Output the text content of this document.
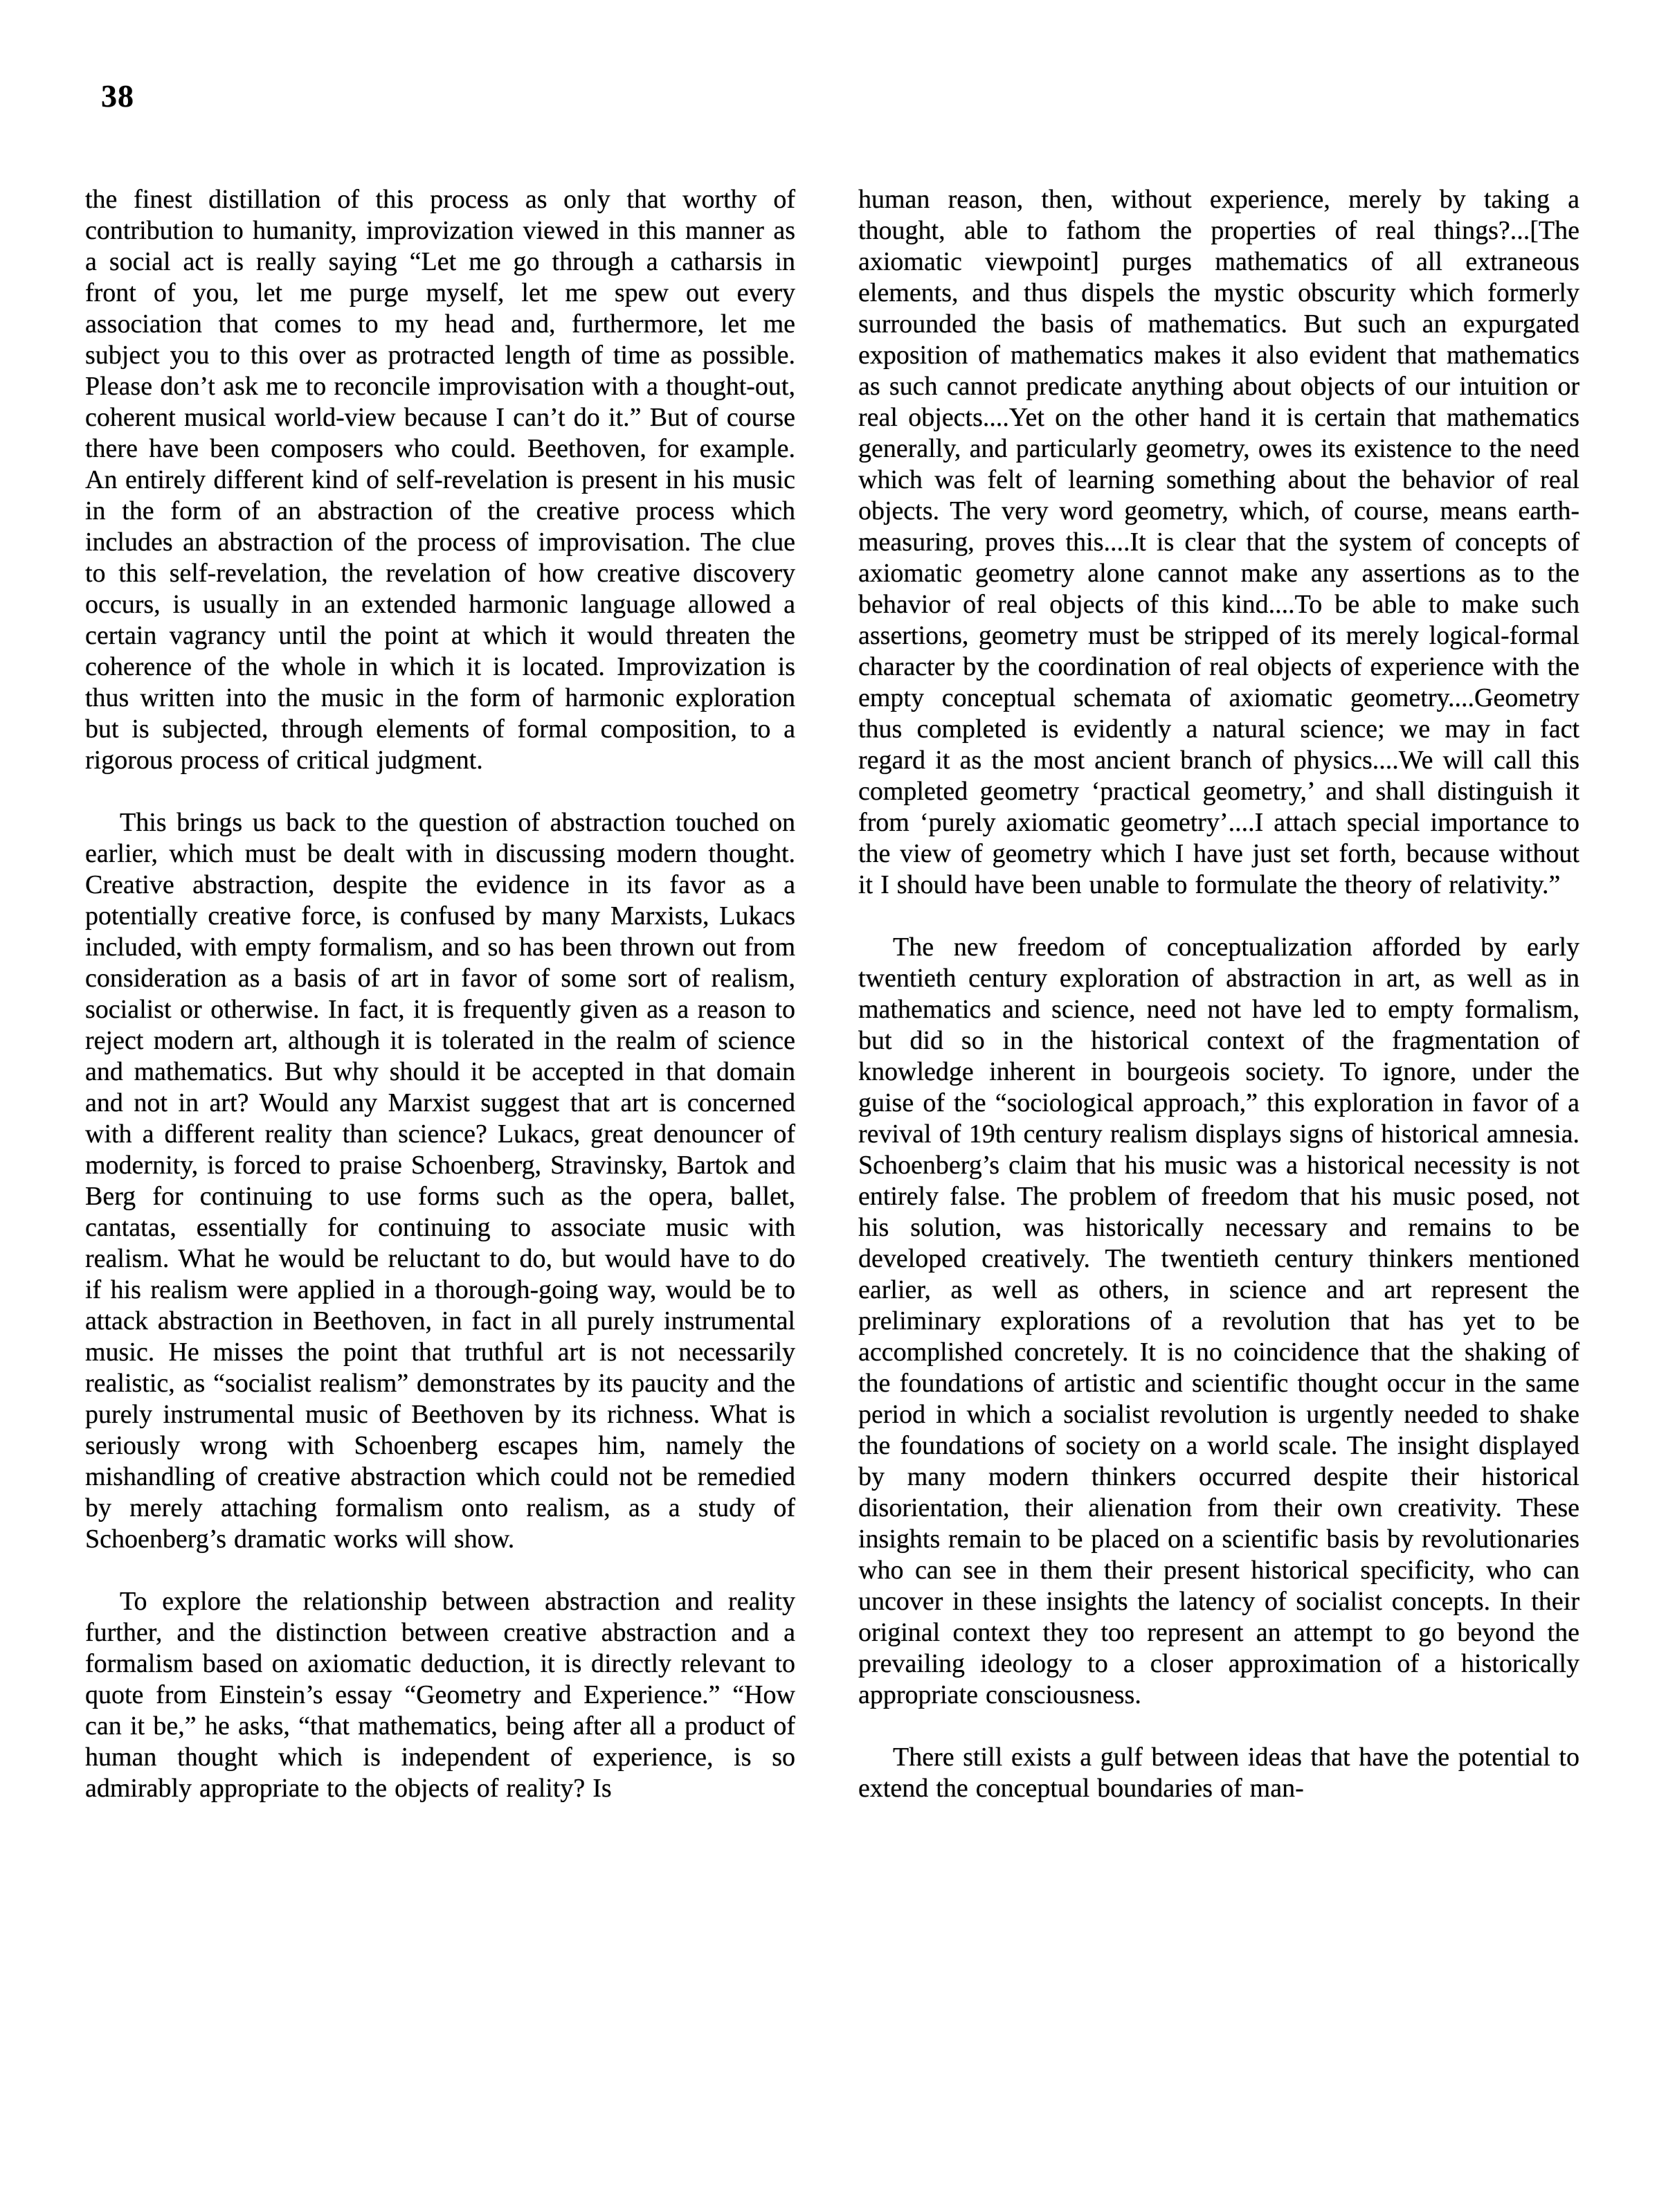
38

the finest distillation of this process as only that worthy of contribution to humanity, improvization viewed in this manner as a social act is really saying “Let me go through a catharsis in front of you, let me purge myself, let me spew out every association that comes to my head and, furthermore, let me subject you to this over as protracted length of time as possible. Please don’t ask me to reconcile improvisation with a thought-out, coherent musical world-view because I can’t do it.” But of course there have been composers who could. Beethoven, for example. An entirely different kind of self-revelation is present in his music in the form of an abstraction of the creative process which includes an abstraction of the process of improvisation. The clue to this self-revelation, the revelation of how creative discovery occurs, is usually in an extended harmonic language allowed a certain vagrancy until the point at which it would threaten the coherence of the whole in which it is located. Improvization is thus written into the music in the form of harmonic exploration but is subjected, through elements of formal composition, to a rigorous process of critical judgment.

This brings us back to the question of abstraction touched on earlier, which must be dealt with in discussing modern thought. Creative abstraction, despite the evidence in its favor as a potentially creative force, is confused by many Marxists, Lukacs included, with empty formalism, and so has been thrown out from consideration as a basis of art in favor of some sort of realism, socialist or otherwise. In fact, it is frequently given as a reason to reject modern art, although it is tolerated in the realm of science and mathematics. But why should it be accepted in that domain and not in art? Would any Marxist suggest that art is concerned with a different reality than science? Lukacs, great denouncer of modernity, is forced to praise Schoenberg, Stravinsky, Bartok and Berg for continuing to use forms such as the opera, ballet, cantatas, essentially for continuing to associate music with realism. What he would be reluctant to do, but would have to do if his realism were applied in a thorough-going way, would be to attack abstraction in Beethoven, in fact in all purely instrumental music. He misses the point that truthful art is not necessarily realistic, as “socialist realism” demonstrates by its paucity and the purely instrumental music of Beethoven by its richness. What is seriously wrong with Schoenberg escapes him, namely the mishandling of creative abstraction which could not be remedied by merely attaching formalism onto realism, as a study of Schoenberg’s dramatic works will show.

To explore the relationship between abstraction and reality further, and the distinction between creative abstraction and a formalism based on axiomatic deduction, it is directly relevant to quote from Einstein’s essay “Geometry and Experience.” “How can it be,” he asks, “that mathematics, being after all a product of human thought which is independent of experience, is so admirably appropriate to the objects of reality? Is

human reason, then, without experience, merely by taking a thought, able to fathom the properties of real things?...[The axiomatic viewpoint] purges mathematics of all extraneous elements, and thus dispels the mystic obscurity which formerly surrounded the basis of mathematics. But such an expurgated exposition of mathematics makes it also evident that mathematics as such cannot predicate anything about objects of our intuition or real objects....Yet on the other hand it is certain that mathematics generally, and particularly geometry, owes its existence to the need which was felt of learning something about the behavior of real objects. The very word geometry, which, of course, means earth-measuring, proves this....It is clear that the system of concepts of axiomatic geometry alone cannot make any assertions as to the behavior of real objects of this kind....To be able to make such assertions, geometry must be stripped of its merely logical-formal character by the coordination of real objects of experience with the empty conceptual schemata of axiomatic geometry....Geometry thus completed is evidently a natural science; we may in fact regard it as the most ancient branch of physics....We will call this completed geometry ‘practical geometry,’ and shall distinguish it from ‘purely axiomatic geometry’....I attach special importance to the view of geometry which I have just set forth, because without it I should have been unable to formulate the theory of relativity.”

The new freedom of conceptualization afforded by early twentieth century exploration of abstraction in art, as well as in mathematics and science, need not have led to empty formalism, but did so in the historical context of the fragmentation of knowledge inherent in bourgeois society. To ignore, under the guise of the “sociological approach,” this exploration in favor of a revival of 19th century realism displays signs of historical amnesia. Schoenberg’s claim that his music was a historical necessity is not entirely false. The problem of freedom that his music posed, not his solution, was historically necessary and remains to be developed creatively. The twentieth century thinkers mentioned earlier, as well as others, in science and art represent the preliminary explorations of a revolution that has yet to be accomplished concretely. It is no coincidence that the shaking of the foundations of artistic and scientific thought occur in the same period in which a socialist revolution is urgently needed to shake the foundations of society on a world scale. The insight displayed by many modern thinkers occurred despite their historical disorientation, their alienation from their own creativity. These insights remain to be placed on a scientific basis by revolutionaries who can see in them their present historical specificity, who can uncover in these insights the latency of socialist concepts. In their original context they too represent an attempt to go beyond the prevailing ideology to a closer approximation of a historically appropriate consciousness.

There still exists a gulf between ideas that have the potential to extend the conceptual boundaries of man-
